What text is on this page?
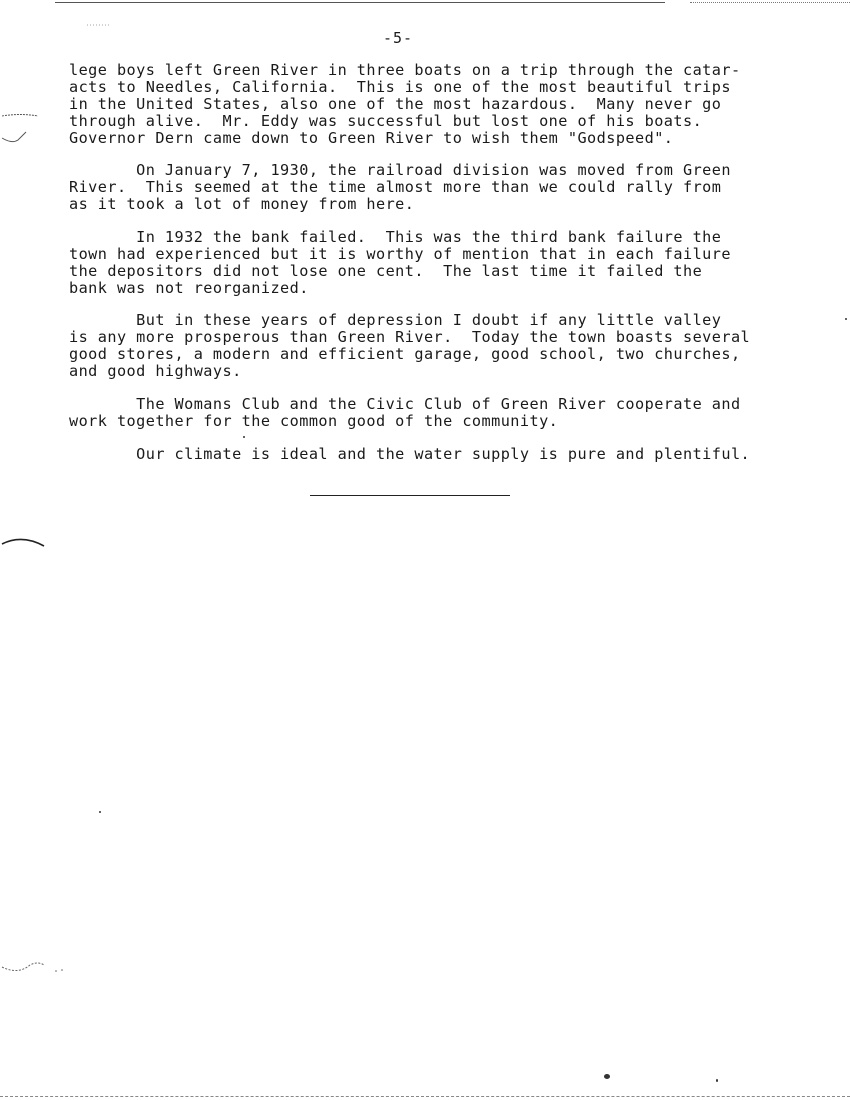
-5-
lege boys left Green River in three boats on a trip through the catar-
acts to Needles, California.  This is one of the most beautiful trips
in the United States, also one of the most hazardous.  Many never go
through alive.  Mr. Eddy was successful but lost one of his boats.
Governor Dern came down to Green River to wish them "Godspeed".
On January 7, 1930, the railroad division was moved from Green
River.  This seemed at the time almost more than we could rally from
as it took a lot of money from here.
In 1932 the bank failed.  This was the third bank failure the
town had experienced but it is worthy of mention that in each failure
the depositors did not lose one cent.  The last time it failed the
bank was not reorganized.
But in these years of depression I doubt if any little valley
is any more prosperous than Green River.  Today the town boasts several
good stores, a modern and efficient garage, good school, two churches,
and good highways.
The Womans Club and the Civic Club of Green River cooperate and
work together for the common good of the community.
Our climate is ideal and the water supply is pure and plentiful.
